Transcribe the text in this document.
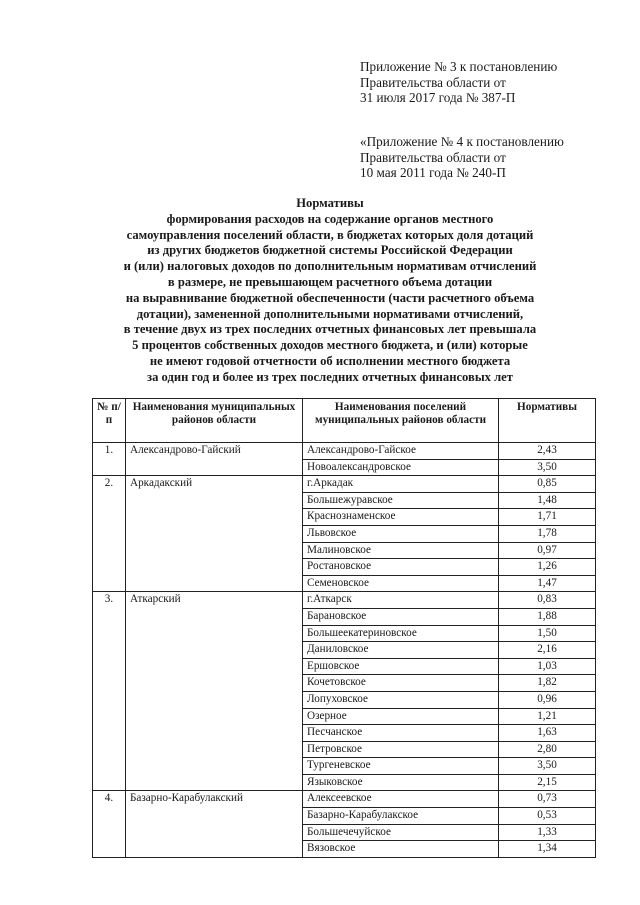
Приложение № 3 к постановлению
Правительства области от
31 июля 2017 года № 387-П
«Приложение № 4 к постановлению
Правительства области от
10 мая 2011 года № 240-П
Нормативы
формирования расходов на содержание органов местного
самоуправления поселений области, в бюджетах которых доля дотаций
из других бюджетов бюджетной системы Российской Федерации
и (или) налоговых доходов по дополнительным нормативам отчислений
в размере, не превышающем расчетного объема дотации
на выравнивание бюджетной обеспеченности (части расчетного объема
дотации), замененной дополнительными нормативами отчислений,
в течение двух из трех последних отчетных финансовых лет превышала
5 процентов собственных доходов местного бюджета, и (или) которые
не имеют годовой отчетности об исполнении местного бюджета
за один год и более из трех последних отчетных финансовых лет
№ п/п	Наименования муниципальных районов области	Наименования поселений муниципальных районов области	Нормативы
1.	Александрово-Гайский	Александрово-Гайское	2,43
		Новоалександровское	3,50
2.	Аркадакский	г.Аркадак	0,85
		Большежуравское	1,48
		Краснознаменское	1,71
		Львовское	1,78
		Малиновское	0,97
		Ростановское	1,26
		Семеновское	1,47
3.	Аткарский	г.Аткарск	0,83
		Барановское	1,88
		Большеекатериновское	1,50
		Даниловское	2,16
		Ершовское	1,03
		Кочетовское	1,82
		Лопуховское	0,96
		Озерное	1,21
		Песчанское	1,63
		Петровское	2,80
		Тургеневское	3,50
		Языковское	2,15
4.	Базарно-Карабулакский	Алексеевское	0,73
		Базарно-Карабулакское	0,53
		Большечечуйское	1,33
		Вязовское	1,34
